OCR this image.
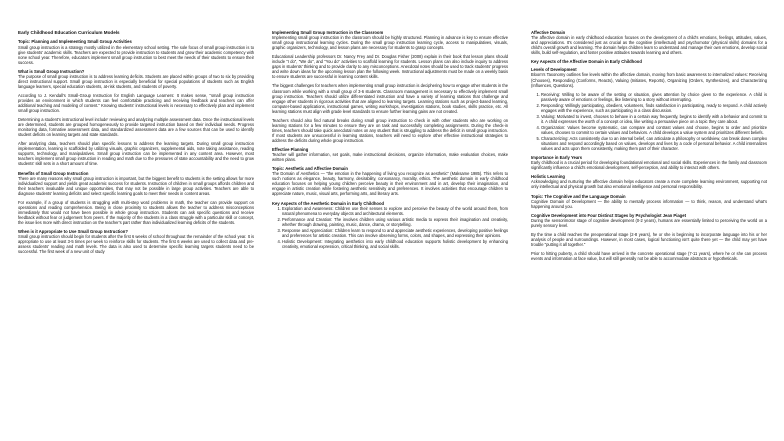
Early Childhood Education Curriculum Models
Topic: Planning and Implementing Small Group Activities

Small group instruction is a strategy mostly utilized in the elementary school setting. The sole focus of small group instruction is to give students' academic skills. Teachers are expected to provide instruction to students and grow their academic competency with none school year. Therefore, educators implement small group instruction to best meet the needs of their students to ensure their success.

What is Small Group Instruction?

The purpose of small group instruction is to address learning deficits. Students are placed within groups of two to six by providing direct instructional support. Small group instruction is especially beneficial for special populations of students such as English language learners, special education students, at-risk students, and students of poverty.

According to J. Kendall's Small-Group Instruction for English Language Learners: It makes sense, "small group instruction provides an environment in which students can feel comfortable practicing and receiving feedback and teachers can offer additional teaching and modeling of content." Knowing students' instructional levels is necessary to effectively plan and implement small group instruction.

Determining a student's instructional level include' reviewing and analyzing multiple assessment data. Once the instructional levels are determined, students are grouped homogeneously to provide targeted instruction based on their individual needs. Progress monitoring data, formative assessment data, and standardized assessment data are a few sources that can be used to identify student deficits on learning targets and state standards.

After analyzing data, teachers should plan specific lessons to address the learning targets. During small group instruction implementation, learning is scaffolded by utilizing visuals, graphic organizers, supplemental aids, note taking assistance, reading supports, technology, and manipulatives. Small group instruction can be implemented in any content area. However, most teachers implement small group instruction in reading and math due to the pressures of state accountability and the need to grow students' skill sets in a short amount of time.

Benefits of Small Group Instruction

There are many reasons why small group instruction is important, but the biggest benefit to students is the setting allows for more individualized support and yields great academic success for students. Instruction of children in small groups affords children and their teachers invaluable and unique opportunities, that may not be possible in large group activities. Teachers are able to diagnose students' learning deficits and select specific learning goals to meet their needs in content areas.

For example, if a group of students is struggling with multi-step word problems in math, the teacher can provide support on operations and reading comprehension. Being in close proximity to students allows the teacher to address misconceptions immediately that would not have been possible in whole group instruction. Students can ask specific questions and receive feedback without fear or judgement from peers. If the majority of the students in a class struggle with a particular skill or concept, the issue lies more with direct instruction on the teacher's part rather than individualized learning deficits of the students.

When is it Appropriate to Use Small Group Instruction?

Small group instruction should begin for students after the first 6 weeks of school throughout the remainder of the school year. It is appropriate to use at least 3-5 times per week to reinforce skills for students. The first 6 weeks are used to collect data and pre-assess students' reading and math levels. The data is also used to determine specific learning targets students need to be successful. The first week of a new unit of study

Implementing Small Group Instruction in the Classroom

Implementing small group instruction in the classroom should be highly structured. Planning in advance is key to ensure effective small group instructional learning cycles. During the small group instruction learning cycle, access to manipulatives, visuals, graphic organizers, technology, and lesson plans are necessary for students to grasp concepts.

Educational Leadership professors Dr. Nancy Frey and Dr. Douglas Fisher (2008) explain in their book that lesson plans should include "I do", "We do", and "You do" activities to scaffold learning for students. Lesson plans can also include inquiry to address gaps in students' thinking and to provide clarity to any misconceptions. Anecdotal notes should be used to track students' progress and write down ideas for the upcoming lesson plan the following week. Instructional adjustments must be made on a weekly basis to ensure students are successful in learning content skills.

The biggest challenges for teachers when implementing small group instruction is deciphering how to engage other students in the classroom while working with a small group of 3-6 students. Classroom management is necessary to effectively implement small group instruction. Teachers should utilize differentiated instruction and have a variety of learning stations that challenge and engage other students in rigorous activities that are aligned to learning targets. Learning stations such as project-based learning, computer-based applications, instructional games, writing workshops, investigation stations, book studies, skills practice, etc. All learning stations must align with grade level standards to ensure further learning gains are not created.

Teachers should also find natural breaks during small group instruction to check in with other students who are working on learning stations for a few minutes to ensure they are on task and successfully completing assignments. During the check-in times, teachers should take quick anecdotal notes on any student that is struggling to address the deficit in small group instruction. If most students are unsuccessful in learning stations, teachers will need to explore other effective instructional strategies to address the deficits during whole group instruction.

Effective Planning

Teacher will gather information, set goals, make instructional decisions, organize information, make evaluation choices, make written plans.

Topic: Aesthetic and Affective Domain

The Domain of Aesthetics — "the emotion in the happening of living you recognize as aesthetic" (Maksame 1985). This refers to such notions as elegance, beauty, harmony, desirability, consonancy, morality, ethics. The aesthetic domain in early childhood education focuses on helping young children perceive beauty in their environment and in art, develop their imagination, and engage in artistic creation while fostering aesthetic sensitivity and preferences. It involves activities that encourage children to appreciate nature, music, visual arts, performing arts, and literary arts.

Key Aspects of the Aesthetic Domain in Early Childhood
1. Exploration and Awareness: Children use their senses to explore and perceive the beauty of the world around them, from natural phenomena to everyday objects and architectural elements.
2. Performance and Creation: The involves children using various artistic media to express their imagination and creativity, whether through drawing, painting, music, dance, drama, or storytelling.
3. Response and Appreciation: Children learn to respond to and appreciate aesthetic experiences, developing positive feelings and preferences for artistic creation. This can involve observing forms, colors, and shapes, and expressing their opinions.
4. Holistic Development: Integrating aesthetics into early childhood education supports holistic development by enhancing creativity, emotional expression, critical thinking, and social skills.
Affective Domain

The affective domain in early childhood education focuses on the development of a child's emotions, feelings, attitudes, values, and appreciations. It's considered just as crucial as the cognitive (intellectual) and psychomotor (physical skills) domains for a child's overall growth and learning. The domain helps children learn to understand and manage their own emotions, develop social skills, build self-regulation, and foster positive attitudes towards learning and others.

Key Aspects of the Affective Domain in Early Childhood
Levels of Development

Bloom's Taxonomy outlines five levels within the affective domain, moving from basic awareness to internalized values: Receiving (Chooses), Responding (Conforms, Reacts), Valuing (Initiates, Reports), Organizing (Orders, Synthesizes), and Characterizing (Influences, Questions).

1. Receiving: Willing to be aware of the setting or situation, gives attention by choice given to the experience. A child is passively aware of emotions or feelings, like listening to a story without interrupting.
2. Responding: Willingly participating, obedient, volunteers, finds satisfaction in participating, ready to respond. A child actively engages with the experience, such as participating in a class discussion.
3. Valuing: Motivated to invest, chooses to behave in a certain way frequently, begins to identify with a behavior and commit to it. A child expresses the worth of a concept or idea, like writing a persuasive piece on a topic they care about.
4. Organization: Values become systematic, can compare and contrast values and choose, begins to order and prioritize values, chooses to commit to certain values and behaviors. A child develops a value system and prioritizes different beliefs.
5. Characterizing: Acts consistently due to an internal belief, can articulate a philosophy or worldview, can break down complex situations and respond accordingly based on values, develops and lives by a code of personal behavior. A child internalizes values and acts upon them consistently, making them part of their character.
Importance in Early Years

Early childhood is a crucial period for developing foundational emotional and social skills. Experiences in the family and classroom significantly influence a child's emotional development, self-perception, and ability to interact with others.

Holistic Learning

Acknowledging and nurturing the affective domain helps educators create a more complete learning environment, supporting not only intellectual and physical growth but also emotional intelligence and personal responsibility.

Topic: The Cognitive and the Language Domain

Cognitive Domain of Development — the ability to mentally process information — to think, reason, and understand what's happening around you.

Cognitive Development into Four Distinct Stages by Psychologist Jean Piaget

During the sensorimotor stage of cognitive development (0-2 years), humans are essentially limited to perceiving the world on a purely sensory level.

By the time a child reaches the preoperational stage (2-8 years), he or she is beginning to incorporate language into his or her analysis of people and surroundings. However, in most cases, logical functioning isn't quite there yet — the child may yet have trouble "putting it all together."

Prior to hitting puberty, a child should have arrived in the concrete operational stage (7-11 years), where he or she can process events and information at face value, but will still generally not be able to accommodate abstracts or hypotheticals.
